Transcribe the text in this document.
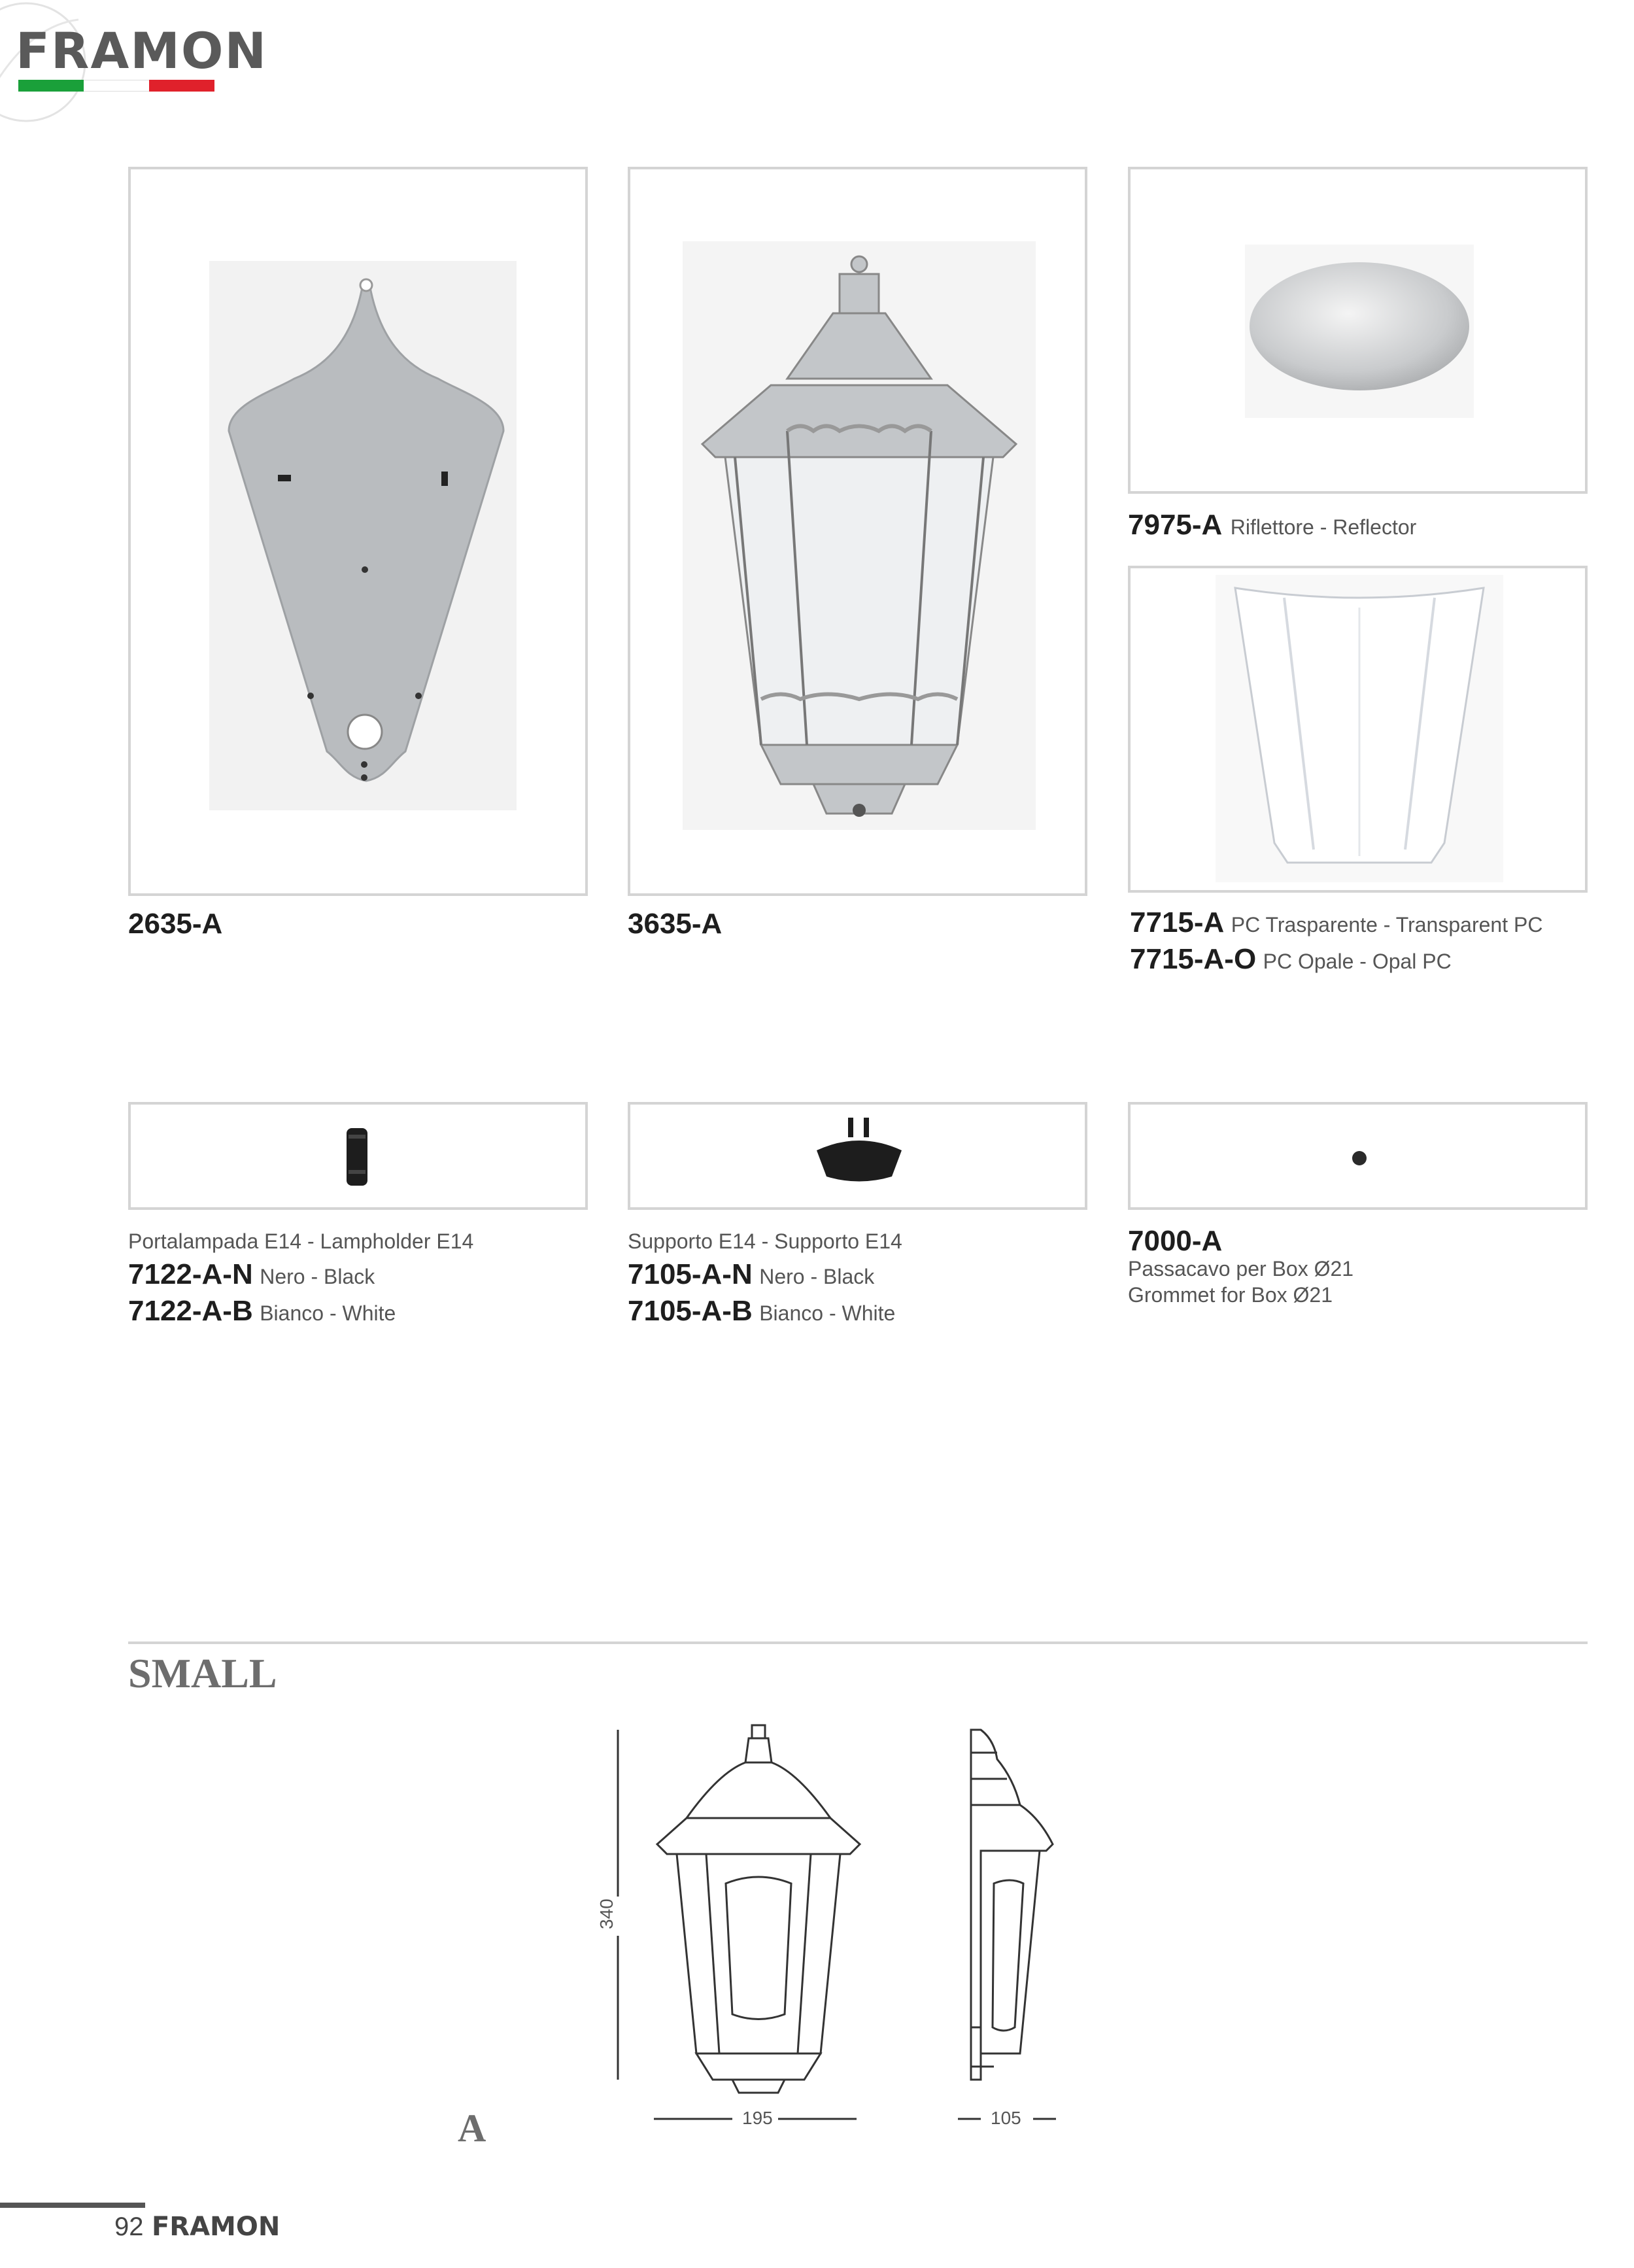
FRAMON
2635-A	3635-A
7975-A Riflettore - Reflector
7715-A PC Trasparente - Transparent PC
7715-A-O PC Opale - Opal PC
Portalampada E14 - Lampholder E14
7122-A-N Nero - Black
7122-A-B Bianco - White
Supporto E14 - Supporto E14
7105-A-N Nero - Black
7105-A-B Bianco - White
7000-A
Passacavo per Box Ø21
Grommet for Box Ø21
SMALL
340
195	105
A
92 FRAMON
